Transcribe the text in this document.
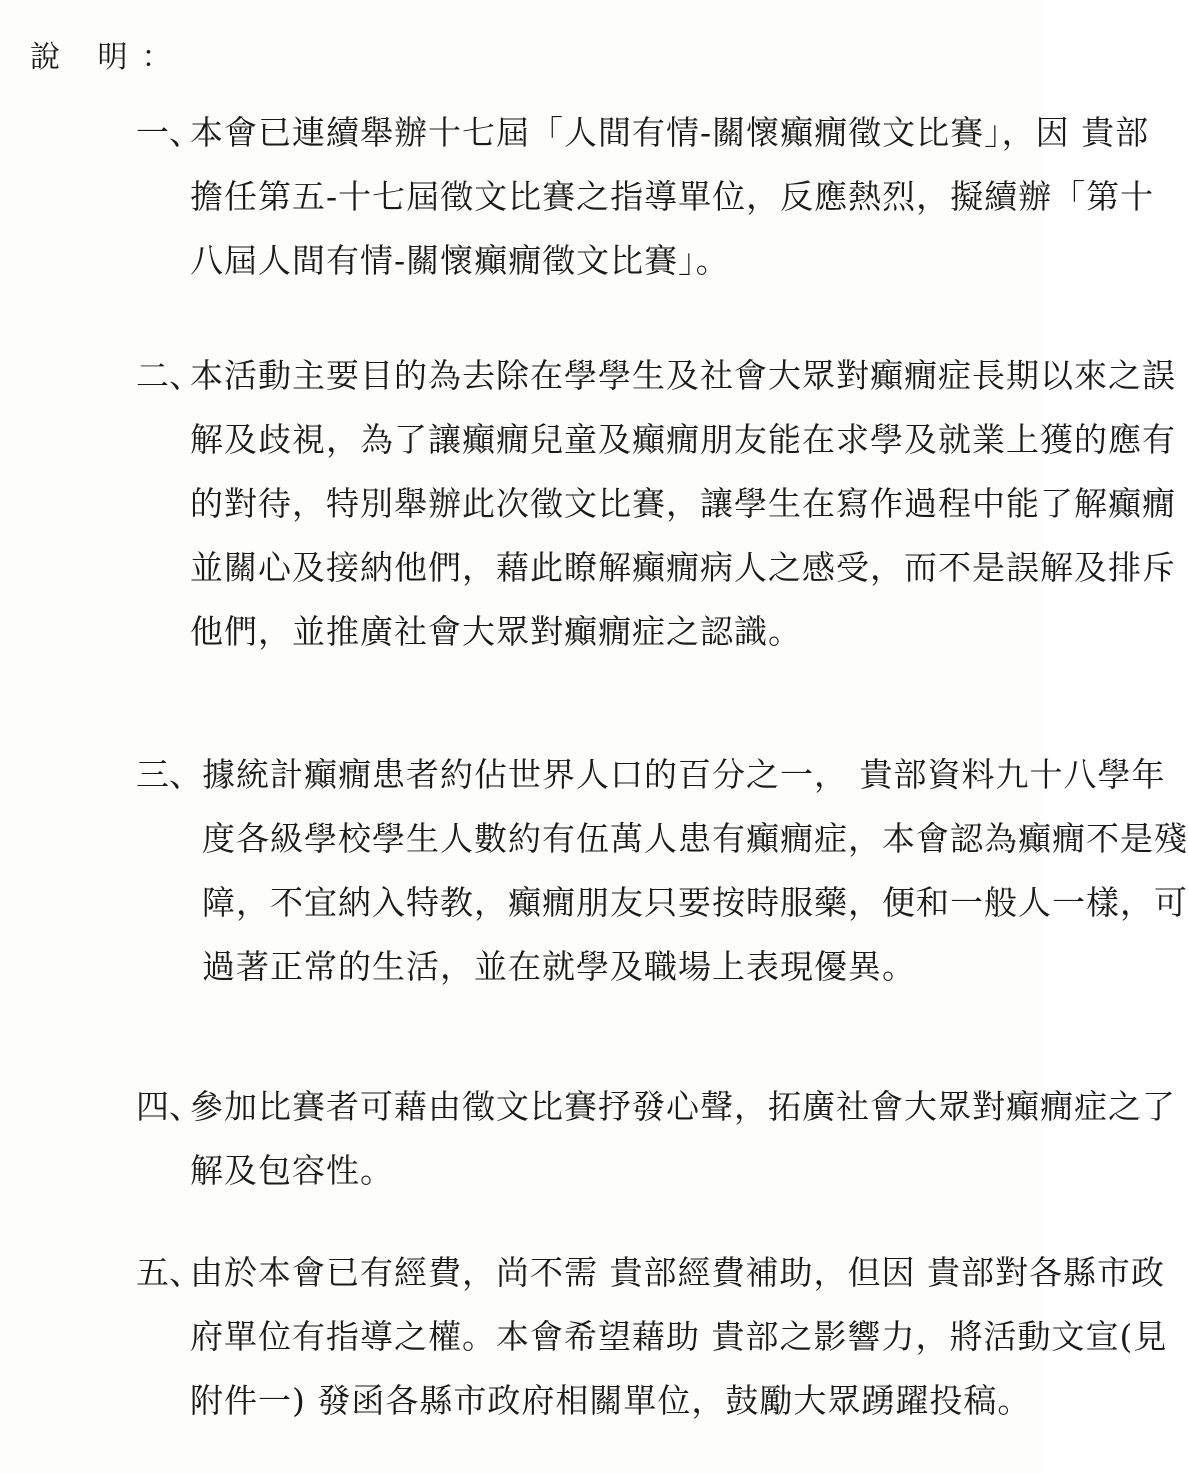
說 明：
一、
本會已連續舉辦十七屆「人間有情-關懷癲癇徵文比賽」，因 貴部
擔任第五-十七屆徵文比賽之指導單位，反應熱烈，擬續辦「第十
八屆人間有情-關懷癲癇徵文比賽」。
二、
本活動主要目的為去除在學學生及社會大眾對癲癇症長期以來之誤
解及歧視，為了讓癲癇兒童及癲癇朋友能在求學及就業上獲的應有
的對待，特別舉辦此次徵文比賽，讓學生在寫作過程中能了解癲癇
並關心及接納他們，藉此瞭解癲癇病人之感受，而不是誤解及排斥
他們，並推廣社會大眾對癲癇症之認識。
三、 據統計癲癇患者約佔世界人口的百分之一， 貴部資料九十八學年
度各級學校學生人數約有伍萬人患有癲癇症，本會認為癲癇不是殘
障，不宜納入特教，癲癇朋友只要按時服藥，便和一般人一樣，可
過著正常的生活，並在就學及職場上表現優異。
四、
參加比賽者可藉由徵文比賽抒發心聲，拓廣社會大眾對癲癇症之了
解及包容性。
五、
由於本會已有經費，尚不需 貴部經費補助，但因 貴部對各縣市政
府單位有指導之權。本會希望藉助 貴部之影響力，將活動文宣(見
附件一) 發函各縣市政府相關單位，鼓勵大眾踴躍投稿。
